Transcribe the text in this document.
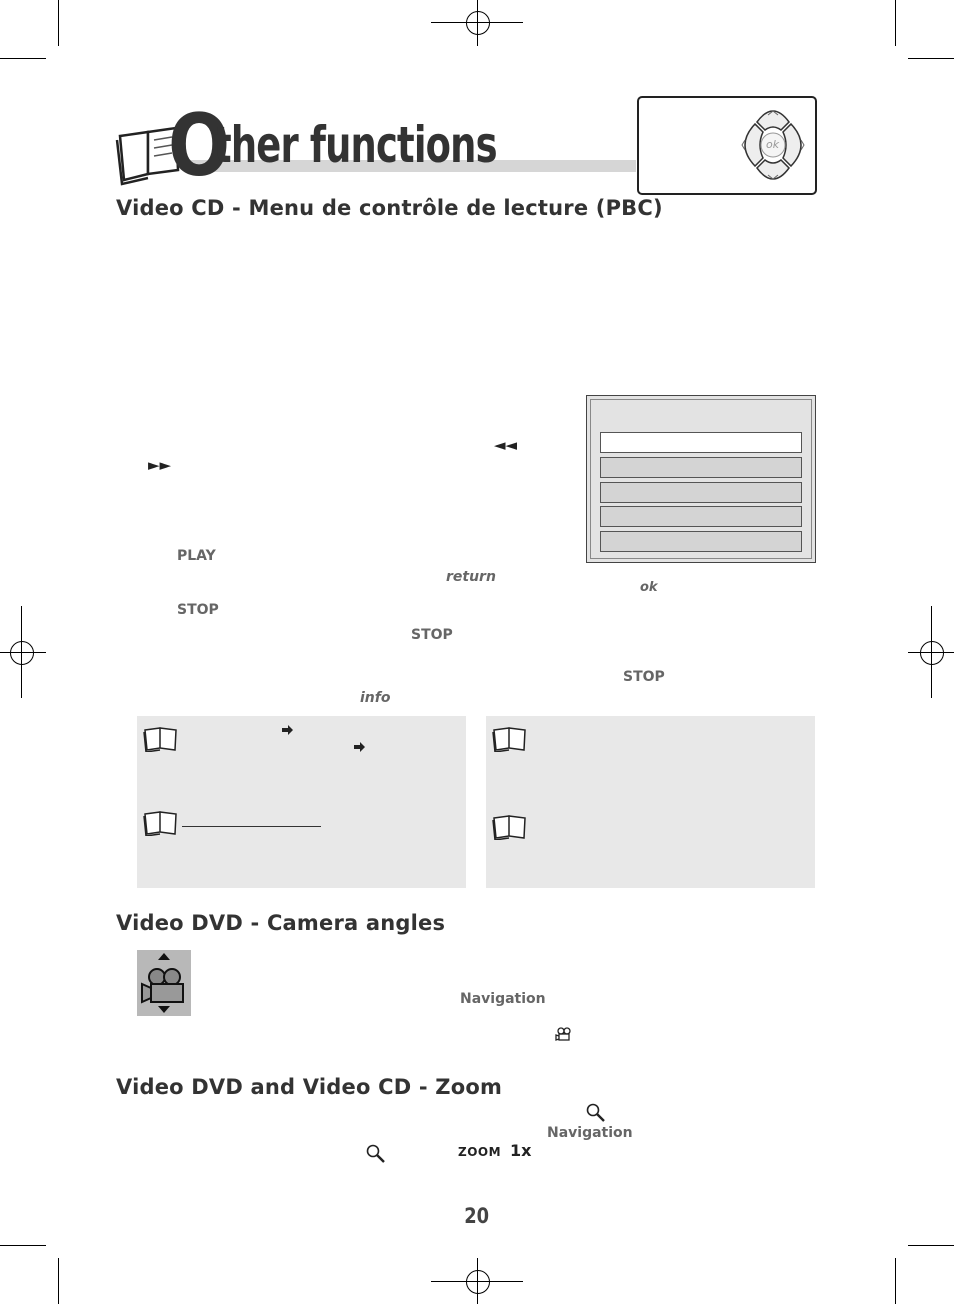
O
ther functions	ok
Video CD - Menu de contrôle de lecture (PBC)
◄◄
►►
PLAY
return
ok
STOP
STOP
STOP
info
Video DVD - Camera angles
Navigation
Video DVD and Video CD - Zoom
Navigation
ZOOM 1x
20
